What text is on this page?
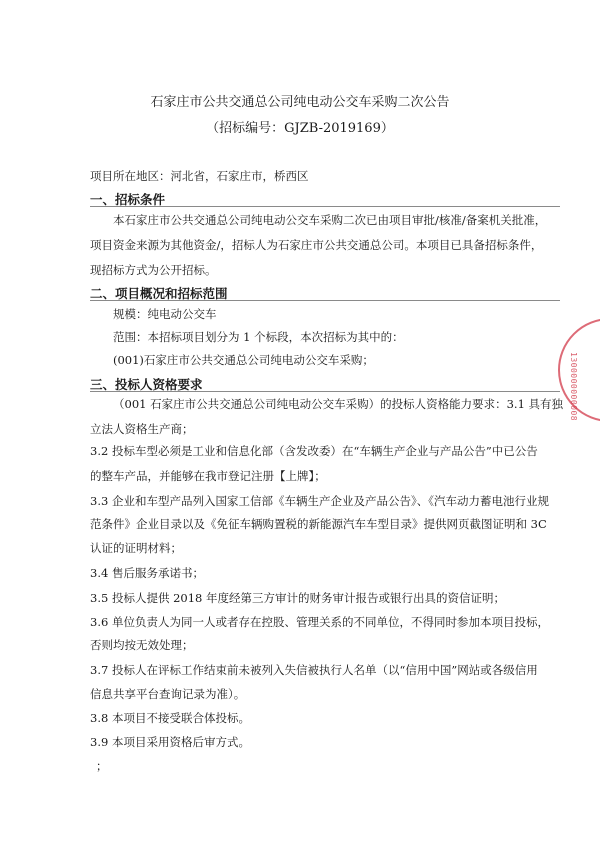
石家庄市公共交通总公司纯电动公交车采购二次公告
（招标编号：GJZB-2019169）
项目所在地区：河北省，石家庄市，桥西区
一、招标条件
本石家庄市公共交通总公司纯电动公交车采购二次已由项目审批/核准/备案机关批准，
项目资金来源为其他资金/，招标人为石家庄市公共交通总公司。本项目已具备招标条件，
现招标方式为公开招标。
二、项目概况和招标范围
规模：纯电动公交车
范围：本招标项目划分为 1 个标段，本次招标为其中的：
(001)石家庄市公共交通总公司纯电动公交车采购；
三、投标人资格要求
（001 石家庄市公共交通总公司纯电动公交车采购）的投标人资格能力要求：3.1 具有独
立法人资格生产商；
3.2 投标车型必须是工业和信息化部（含发改委）在“车辆生产企业与产品公告”中已公告
的整车产品，并能够在我市登记注册【上牌】；
3.3 企业和车型产品列入国家工信部《车辆生产企业及产品公告》、《汽车动力蓄电池行业规
范条件》企业目录以及《免征车辆购置税的新能源汽车车型目录》提供网页截图证明和 3C
认证的证明材料；
3.4 售后服务承诺书；
3.5 投标人提供 2018 年度经第三方审计的财务审计报告或银行出具的资信证明；
3.6 单位负责人为同一人或者存在控股、管理关系的不同单位，不得同时参加本项目投标，
否则均按无效处理；
3.7 投标人在评标工作结束前未被列入失信被执行人名单（以“信用中国”网站或各级信用
信息共享平台查询记录为准）。
3.8 本项目不接受联合体投标。
3.9 本项目采用资格后审方式。
；
1300000000008
